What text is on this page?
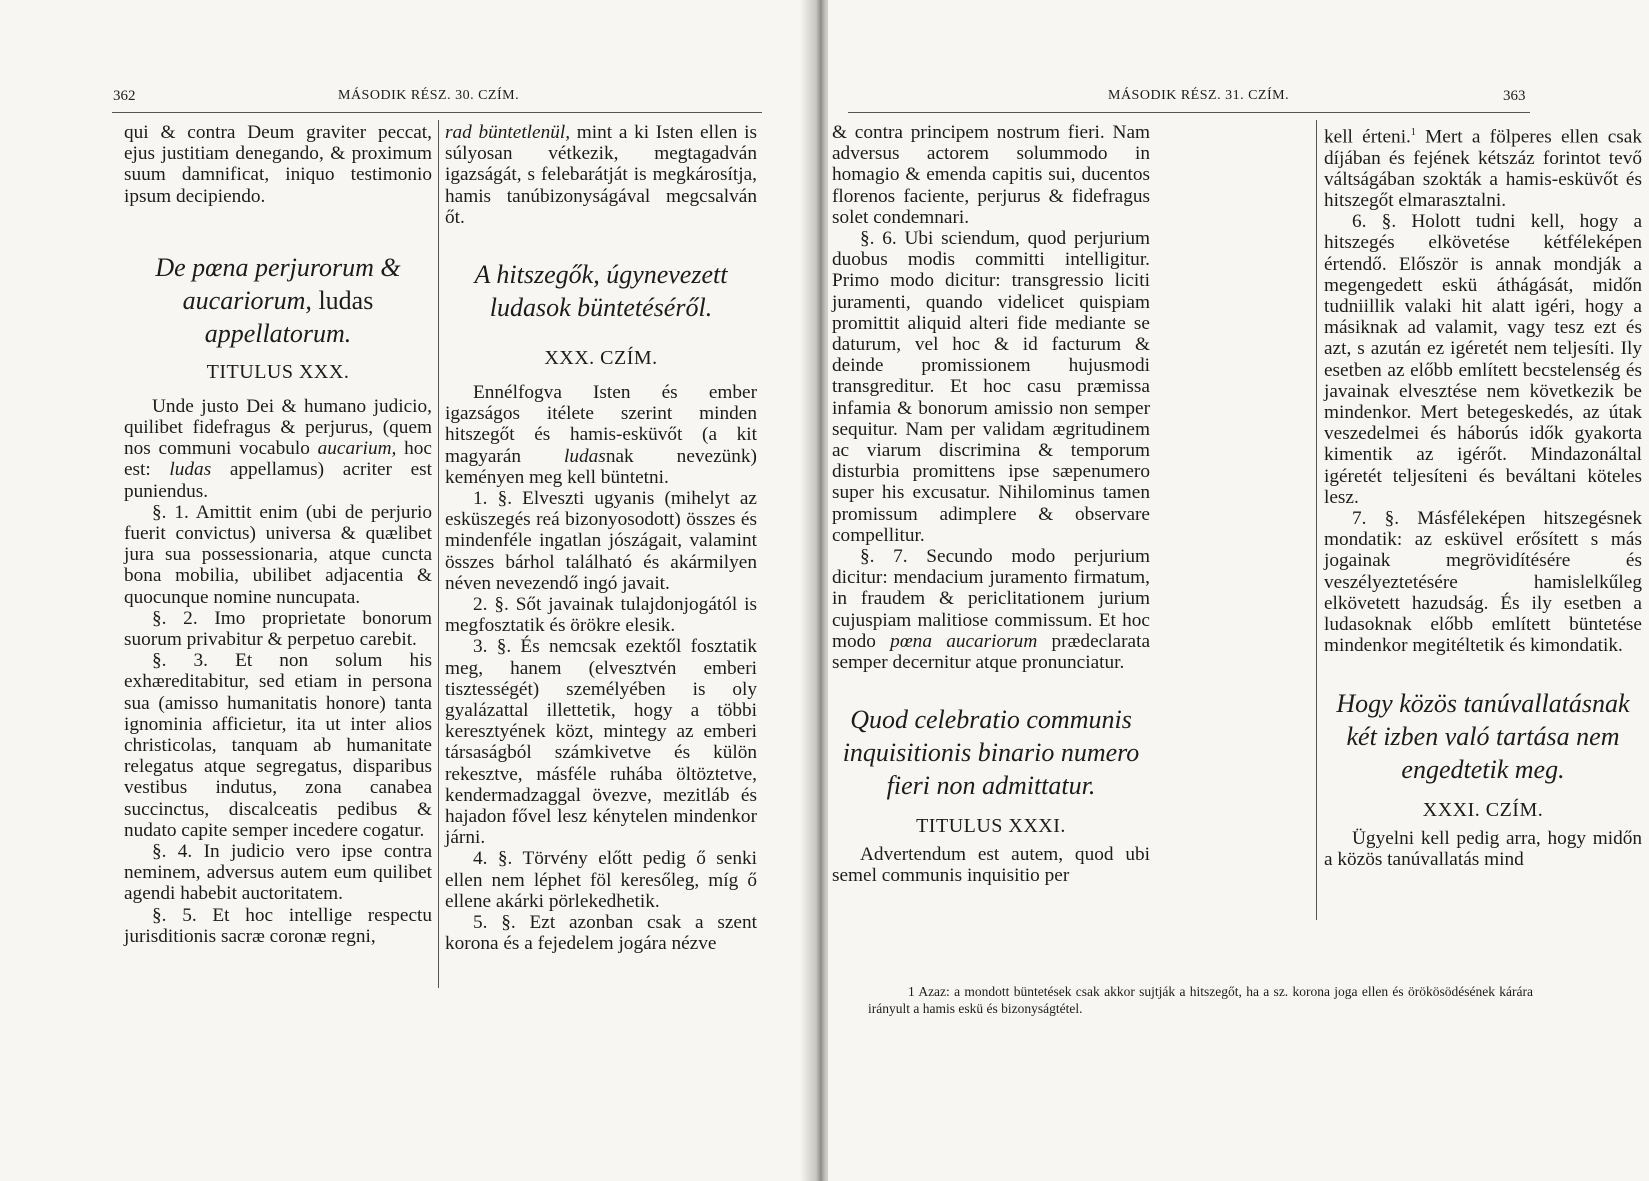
362	MÁSODIK RÉSZ. 30. CZÍM.

qui & contra Deum graviter peccat, ejus justitiam denegando, & proximum suum damnificat, iniquo testimonio ipsum decipiendo.

De pœna perjurorum & aucariorum, ludas appellatorum.

TITULUS XXX.

Unde justo Dei & humano judicio, quilibet fidefragus & perjurus, (quem nos communi vocabulo aucarium, hoc est: ludas appellamus) acriter est puniendus.

§. 1. Amittit enim (ubi de perjurio fuerit convictus) universa & quælibet jura sua possessionaria, atque cuncta bona mobilia, ubilibet adjacentia & quocunque nomine nuncupata.

§. 2. Imo proprietate bonorum suorum privabitur & perpetuo carebit.

§. 3. Et non solum his exhæreditabitur, sed etiam in persona sua (amisso humanitatis honore) tanta ignominia afficietur, ita ut inter alios christicolas, tanquam ab humanitate relegatus atque segregatus, disparibus vestibus indutus, zona canabea succinctus, discalceatis pedibus & nudato capite semper incedere cogatur.

§. 4. In judicio vero ipse contra neminem, adversus autem eum quilibet agendi habebit auctoritatem.

§. 5. Et hoc intellige respectu jurisditionis sacræ coronæ regni,

rad büntetlenül, mint a ki Isten ellen is súlyosan vétkezik, megtagadván igazságát, s felebarátját is megkárosítja, hamis tanúbizonyságával megcsalván őt.

A hitszegők, úgynevezett ludasok büntetéséről.

XXX. CZÍM.

Ennélfogva Isten és ember igazságos itélete szerint minden hitszegőt és hamis-esküvőt (a kit magyarán ludasnak nevezünk) keményen meg kell büntetni.

1. §. Elveszti ugyanis (mihelyt az esküszegés reá bizonyosodott) összes és mindenféle ingatlan jószágait, valamint összes bárhol található és akármilyen néven nevezendő ingó javait.

2. §. Sőt javainak tulajdonjogától is megfosztatik és örökre elesik.

3. §. És nemcsak ezektől fosztatik meg, hanem (elvesztvén emberi tisztességét) személyében is oly gyalázattal illettetik, hogy a többi keresztyének közt, mintegy az emberi társaságból számkivetve és külön rekesztve, másféle ruhába öltöztetve, kendermadzaggal övezve, mezitláb és hajadon fővel lesz kénytelen mindenkor járni.

4. §. Törvény előtt pedig ő senki ellen nem léphet föl keresőleg, míg ő ellene akárki pörlekedhetik.

5. §. Ezt azonban csak a szent korona és a fejedelem jogára nézve

MÁSODIK RÉSZ. 31. CZÍM.	363

& contra principem nostrum fieri. Nam adversus actorem solummodo in homagio & emenda capitis sui, ducentos florenos faciente, perjurus & fidefragus solet condemnari.

§. 6. Ubi sciendum, quod perjurium duobus modis committi intelligitur. Primo modo dicitur: transgressio liciti juramenti, quando videlicet quispiam promittit aliquid alteri fide mediante se daturum, vel hoc & id facturum & deinde promissionem hujusmodi transgreditur. Et hoc casu præmissa infamia & bonorum amissio non semper sequitur. Nam per validam ægritudinem ac viarum discrimina & temporum disturbia promittens ipse sæpenumero super his excusatur. Nihilominus tamen promissum adimplere & observare compellitur.

§. 7. Secundo modo perjurium dicitur: mendacium juramento firmatum, in fraudem & periclitationem jurium cujuspiam malitiose commissum. Et hoc modo pœna aucariorum prædeclarata semper decernitur atque pronunciatur.

Quod celebratio communis inquisitionis binario numero fieri non admittatur.

TITULUS XXXI.

Advertendum est autem, quod ubi semel communis inquisitio per

kell érteni.$^1$ Mert a fölperes ellen csak díjában és fejének kétszáz forintot tevő váltságában szokták a hamis-esküvőt és hitszegőt elmarasztalni.

6. §. Holott tudni kell, hogy a hitszegés elkövetése kétféleképen értendő. Először is annak mondják a megengedett eskü áthágását, midőn tudniillik valaki hit alatt igéri, hogy a másiknak ad valamit, vagy tesz ezt és azt, s azután ez igéretét nem teljesíti. Ily esetben az előbb említett becstelenség és javainak elvesztése nem következik be mindenkor. Mert betegeskedés, az útak veszedelmei és háborús idők gyakorta kimentik az igérőt. Mindazonáltal igéretét teljesíteni és beváltani köteles lesz.

7. §. Másféleképen hitszegésnek mondatik: az esküvel erősített s más jogainak megrövidítésére és veszélyeztetésére hamislelkűleg elkövetett hazudság. És ily esetben a ludasoknak előbb említett büntetése mindenkor megitéltetik és kimondatik.

Hogy közös tanúvallatásnak két izben való tartása nem engedtetik meg.

XXXI. CZÍM.

Ügyelni kell pedig arra, hogy midőn a közös tanúvallatás mind

1 Azaz: a mondott büntetések csak akkor sujtják a hitszegőt, ha a sz. korona joga ellen és örökösödésének kárára irányult a hamis eskü és bizonyságtétel.
